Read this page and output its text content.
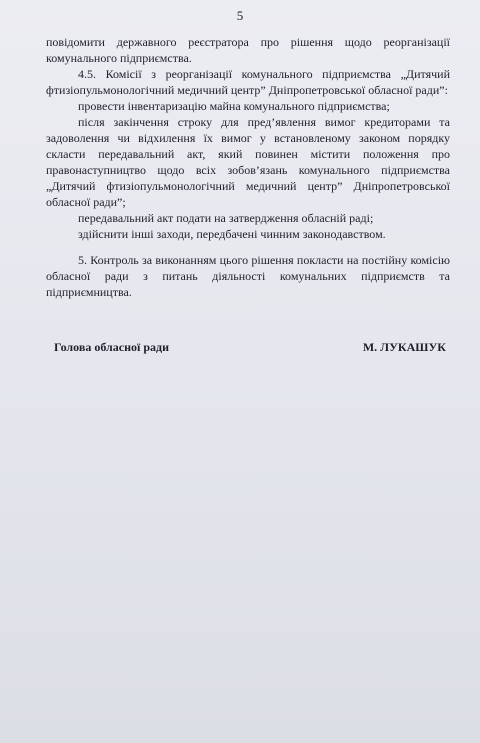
5

повідомити державного реєстратора про рішення щодо реорганізації комунального підприємства.

4.5. Комісії з реорганізації комунального підприємства „Дитячий фтизіопульмонологічний медичний центр” Дніпропетровської обласної ради”:

провести інвентаризацію майна комунального підприємства;

після закінчення строку для пред’явлення вимог кредиторами та задоволення чи відхилення їх вимог у встановленому законом порядку скласти передавальний акт, який повинен містити положення про правонаступництво щодо всіх зобов’язань комунального підприємства „Дитячий фтизіопульмонологічний медичний центр” Дніпропетровської обласної ради”;

передавальний акт подати на затвердження обласній раді;

здійснити інші заходи, передбачені чинним законодавством.

5. Контроль за виконанням цього рішення покласти на постійну комісію обласної ради з питань діяльності комунальних підприємств та підприємництва.

Голова обласної ради	М. ЛУКАШУК
